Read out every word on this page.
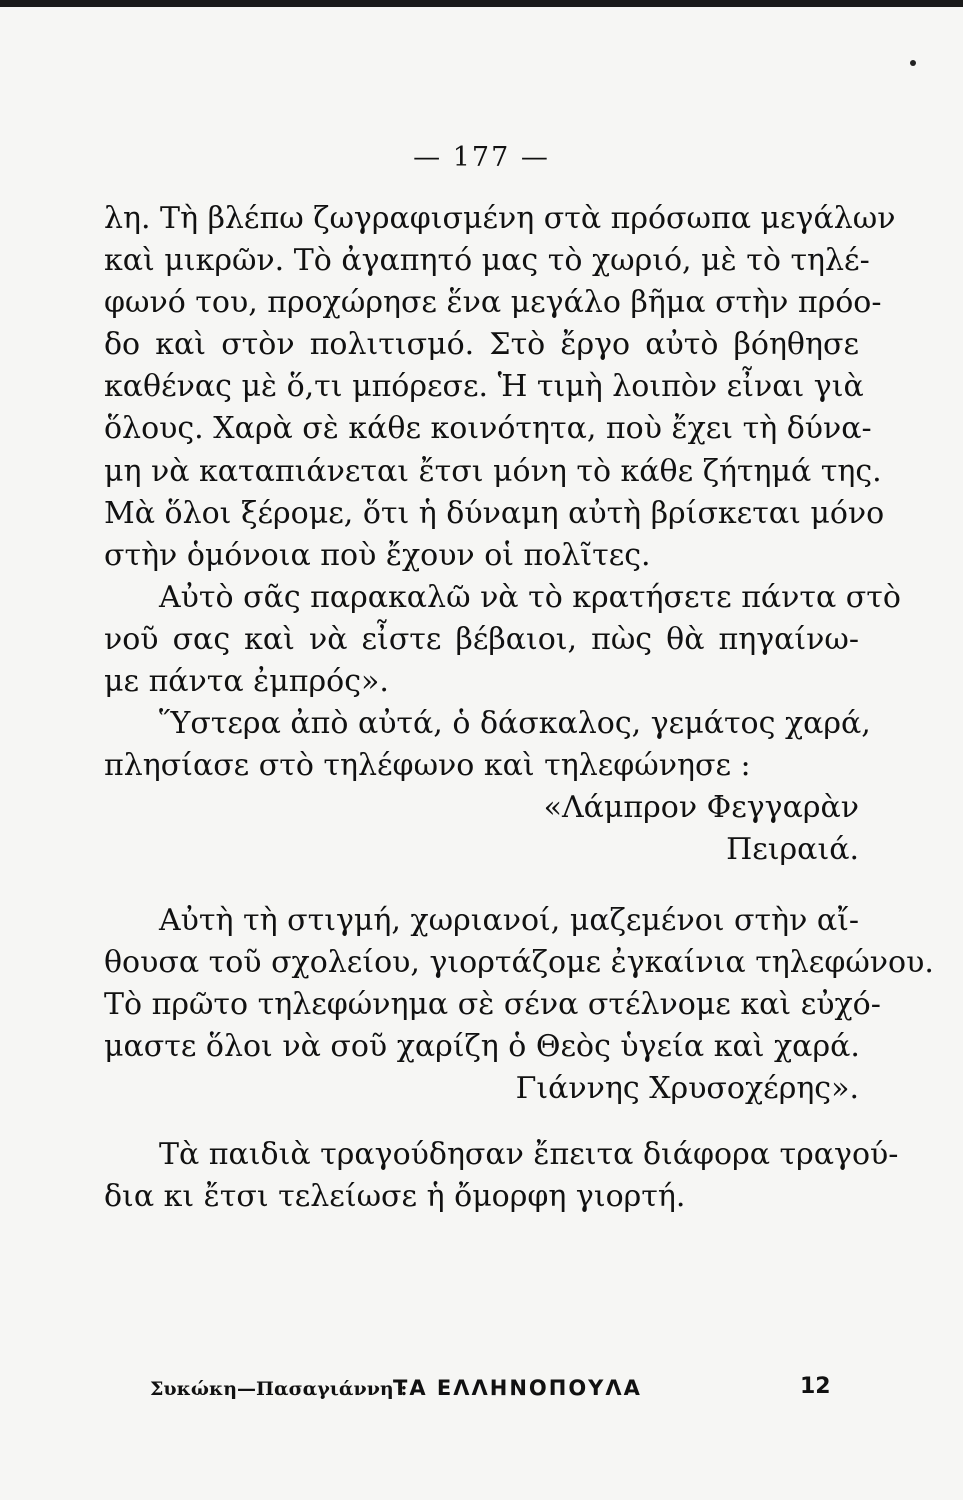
— 177 —
λη. Τὴ βλέπω ζωγραφισμένη στὰ πρόσωπα μεγάλων
καὶ μικρῶν. Τὸ ἀγαπητό μας τὸ χωριό, μὲ τὸ τηλέ-
φωνό του, προχώρησε ἕνα μεγάλο βῆμα στὴν πρόο-
δο καὶ στὸν πολιτισμό. Στὸ ἔργο αὐτὸ βόηθησε
καθένας μὲ ὅ,τι μπόρεσε. Ἡ τιμὴ λοιπὸν εἶναι γιὰ
ὅλους. Χαρὰ σὲ κάθε κοινότητα, ποὺ ἔχει τὴ δύνα-
μη νὰ καταπιάνεται ἔτσι μόνη τὸ κάθε ζήτημά της.
Μὰ ὅλοι ξέρομε, ὅτι ἡ δύναμη αὐτὴ βρίσκεται μόνο
στὴν ὁμόνοια ποὺ ἔχουν οἱ πολῖτες.
Αὐτὸ σᾶς παρακαλῶ νὰ τὸ κρατήσετε πάντα στὸ
νοῦ σας καὶ νὰ εἶστε βέβαιοι, πὼς θὰ πηγαίνω-
με πάντα ἐμπρός».
Ὕστερα ἀπὸ αὐτά, ὁ δάσκαλος, γεμάτος χαρά,
πλησίασε στὸ τηλέφωνο καὶ τηλεφώνησε :
«Λάμπρον Φεγγαρὰν
Πειραιά.
Αὐτὴ τὴ στιγμή, χωριανοί, μαζεμένοι στὴν αἴ-
θουσα τοῦ σχολείου, γιορτάζομε ἐγκαίνια τηλεφώνου.
Τὸ πρῶτο τηλεφώνημα σὲ σένα στέλνομε καὶ εὐχό-
μαστε ὅλοι νὰ σοῦ χαρίζη ὁ Θεὸς ὑγεία καὶ χαρά.
Γιάννης Χρυσοχέρης».
Τὰ παιδιὰ τραγούδησαν ἔπειτα διάφορα τραγού-
δια κι ἔτσι τελείωσε ἡ ὄμορφη γιορτή.
Συκώκη—Πασαγιάννη :
ΤΑ ΕΛΛΗΝΟΠΟΥΛΑ	12
